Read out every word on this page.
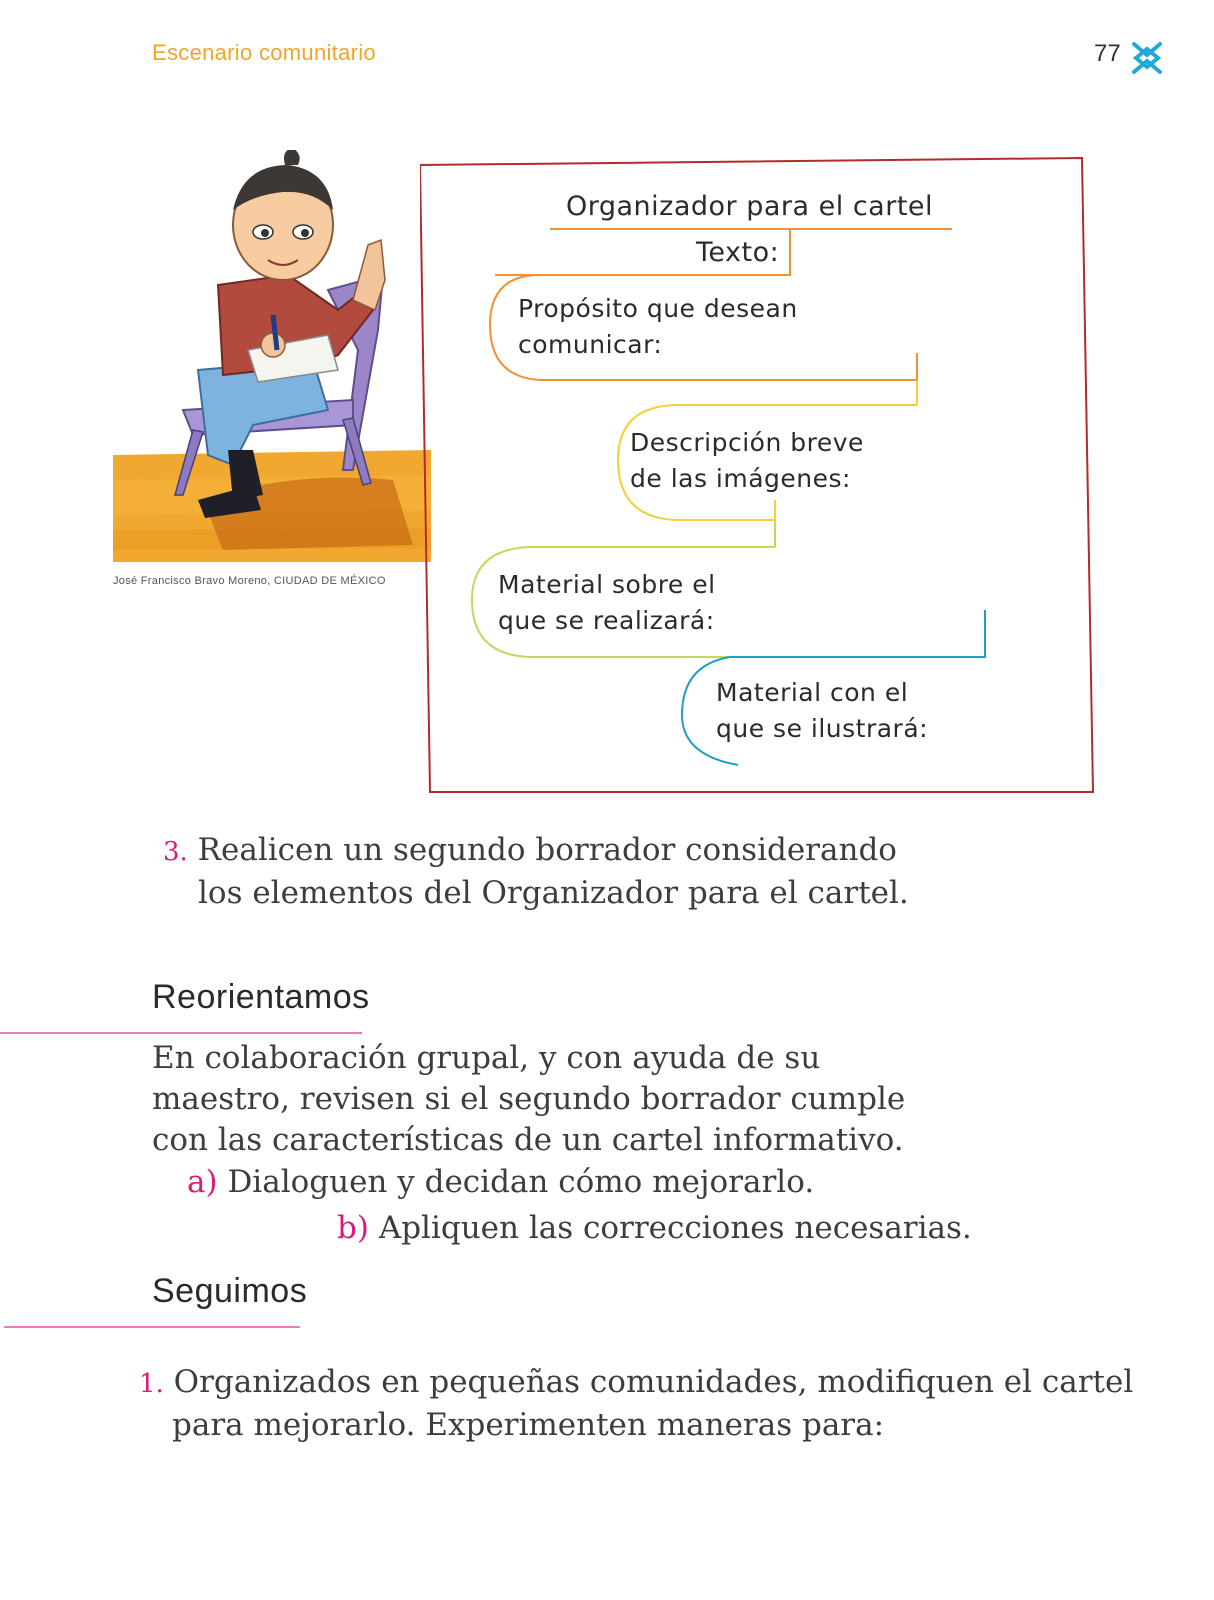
Escenario comunitario	77
José Francisco Bravo Moreno, CIUDAD DE MÉXICO
Organizador para el cartel
Texto:
Propósito que desean
comunicar:
Descripción breve
de las imágenes:
Material sobre el
que se realizará:
Material con el
que se ilustrará:
3. Realicen un segundo borrador considerando
los elementos del Organizador para el cartel.
Reorientamos
En colaboración grupal, y con ayuda de su
maestro, revisen si el segundo borrador cumple
con las características de un cartel informativo.
a) Dialoguen y decidan cómo mejorarlo.
b) Apliquen las correcciones necesarias.
Seguimos
1. Organizados en pequeñas comunidades, modifiquen el cartel
para mejorarlo. Experimenten maneras para:
